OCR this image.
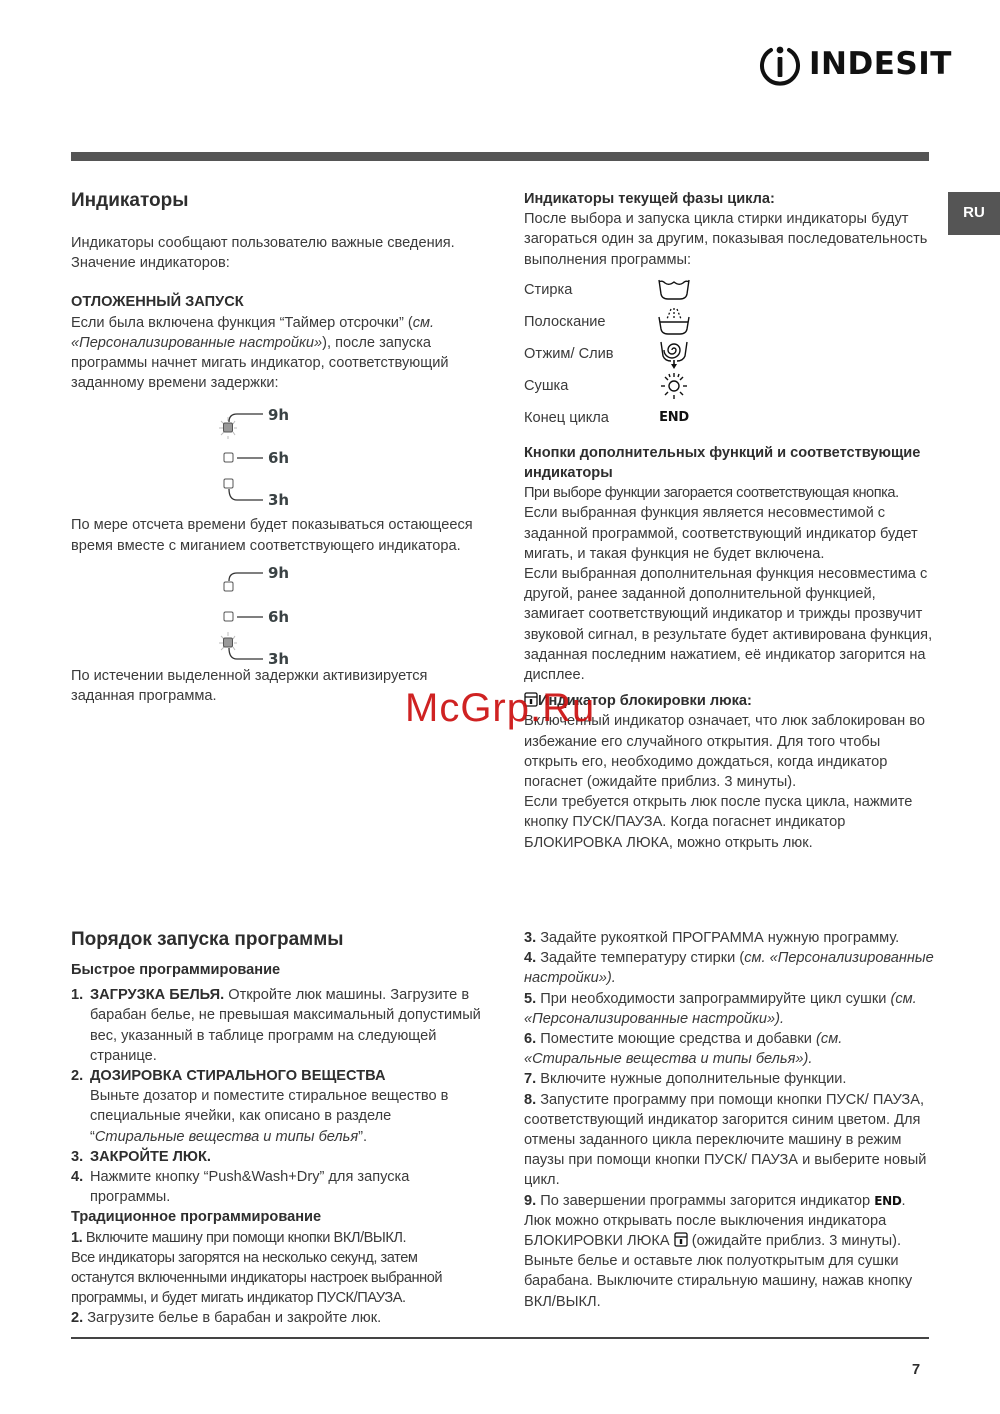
INDESIT
RU
Индикаторы

Индикаторы сообщают пользователю важные сведения. Значение индикаторов:

ОТЛОЖЕННЫЙ ЗАПУСК

Если была включена функция “Таймер отсрочки” (см. «Персонализированные настройки»), после запуска программы начнет мигать индикатор, соответствующий заданному времени задержки:

9h
6h
3h

По мере отсчета времени будет показываться остающееся время вместе с миганием соответствующего индикатора.

9h
6h
3h

По истечении выделенной задержки активизируется заданная программа.

Индикаторы текущей фазы цикла:

После выбора и запуска цикла стирки индикаторы будут загораться один за другим, показывая последовательность выполнения программы:

Стирка
Полоскание
Отжим/ Слив
Сушка
Конец цикла	END
Кнопки дополнительных функций и соответствующие индикаторы

При выборе функции загорается соответствующая кнопка.

Если выбранная функция является несовместимой с заданной программой, соответствующий индикатор будет мигать, и такая функция не будет включена.

Если выбранная дополнительная функция несовместима с другой, ранее заданной дополнительной функцией, замигает соответствующий индикатор и трижды прозвучит звуковой сигнал, в результате будет активирована функция, заданная последним нажатием, её индикатор загорится на дисплее.

Индикатор блокировки люка:

Включенный индикатор означает, что люк заблокирован во избежание его случайного открытия. Для того чтобы открыть его, необходимо дождаться, когда индикатор погаснет (ожидайте приблиз. 3 минуты).

Если требуется открыть люк после пуска цикла, нажмите кнопку ПУСК/ПАУЗА. Когда погаснет индикатор БЛОКИРОВКА ЛЮКА, можно открыть люк.

Порядок запуска программы
Быстрое программирование
1. ЗАГРУЗКА БЕЛЬЯ. Откройте люк машины. Загрузите в барабан белье, не превышая максимальный допустимый вес, указанный в таблице программ на следующей странице.
2. ДОЗИРОВКА СТИРАЛЬНОГО ВЕЩЕСТВА
Выньте дозатор и поместите стиральное вещество в специальные ячейки, как описано в разделе “Стиральные вещества и типы белья”.
3. ЗАКРОЙТЕ ЛЮК.
4. Нажмите кнопку “Push&Wash+Dry” для запуска программы.
Традиционное программирование

1. Включите машину при помощи кнопки ВКЛ/ВЫКЛ.

Все индикаторы загорятся на несколько секунд, затем останутся включенными индикаторы настроек выбранной программы, и будет мигать индикатор ПУСК/ПАУЗА.

2. Загрузите белье в барабан и закройте люк.

3. Задайте рукояткой ПРОГРАММА нужную программу.

4. Задайте температуру стирки (см. «Персонализированные настройки»).

5. При необходимости запрограммируйте цикл сушки (см. «Персонализированные настройки»).

6. Поместите моющие средства и добавки (см. «Стиральные вещества и типы белья»).

7. Включите нужные дополнительные функции.

8. Запустите программу при помощи кнопки ПУСК/ ПАУЗА, соответствующий индикатор загорится синим цветом. Для отмены заданного цикла переключите машину в режим паузы при помощи кнопки ПУСК/ ПАУЗА и выберите новый цикл.

9. По завершении программы загорится индикатор END. Люк можно открывать после выключения индикатора БЛОКИРОВКИ ЛЮКА  (ожидайте приблиз. 3 минуты). Выньте белье и оставьте люк полуоткрытым для сушки барабана. Выключите стиральную машину, нажав кнопку ВКЛ/ВЫКЛ.

McGrp.Ru
7
